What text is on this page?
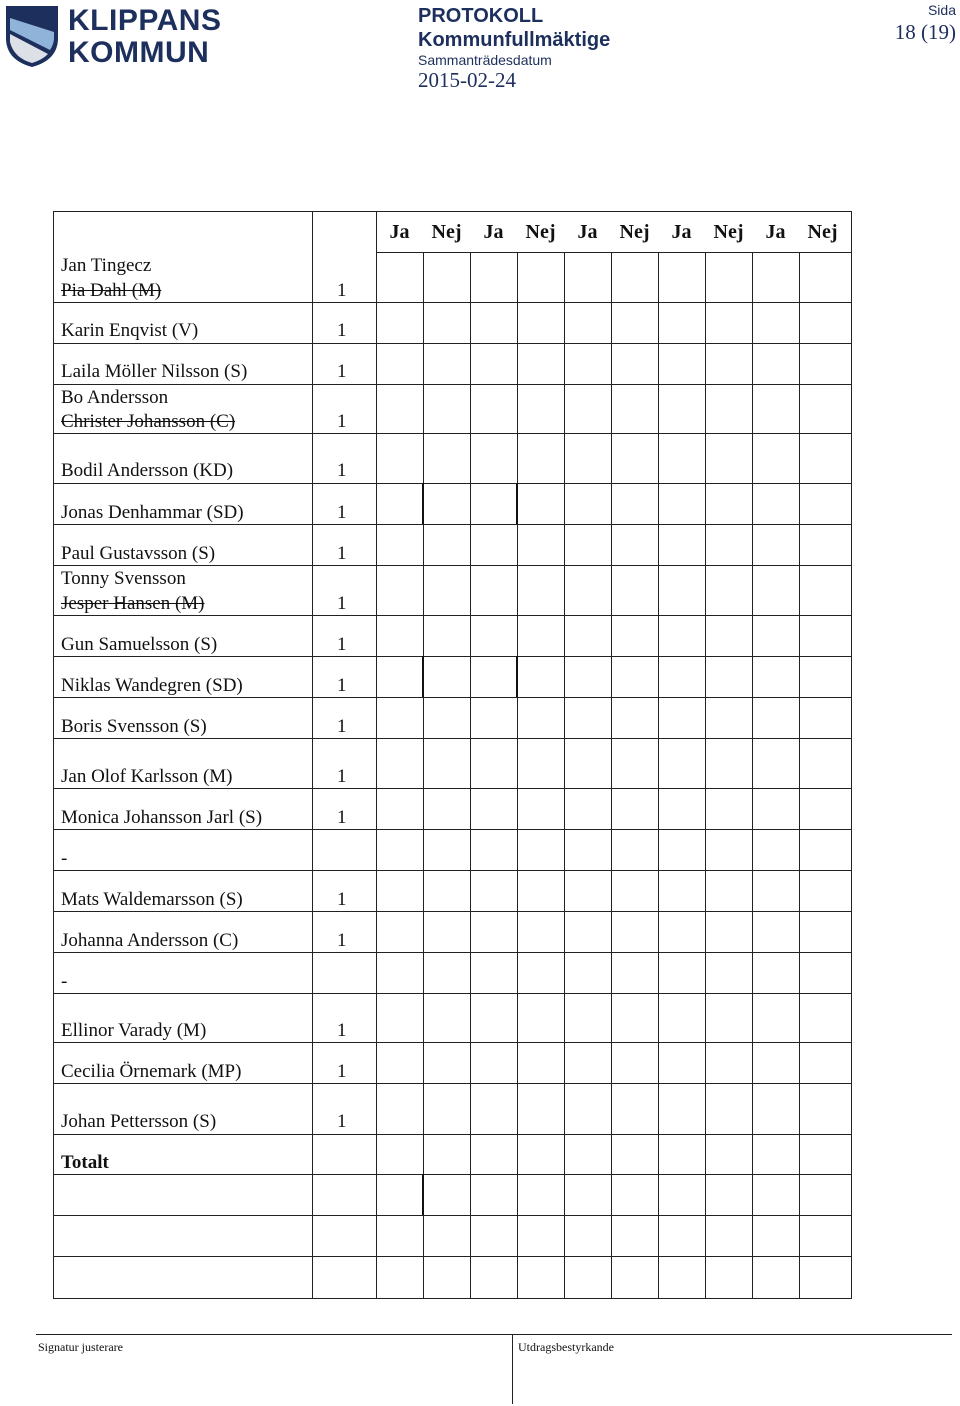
KLIPPANS
KOMMUN
PROTOKOLL
Kommunfullmäktige
Sammanträdesdatum
2015-02-24
Sida
18 (19)
Ja	Nej	Ja	Nej	Ja	Nej	Ja	Nej	Ja	Nej
Jan Tingecz
Pia Dahl (M)	1
Karin Enqvist (V)	1
Laila Möller Nilsson (S)	1
Bo Andersson
Christer Johansson (C)	1
Bodil Andersson (KD)	1
Jonas Denhammar (SD)	1
Paul Gustavsson (S)	1
Tonny Svensson
Jesper Hansen (M)	1
Gun Samuelsson (S)	1
Niklas Wandegren (SD)	1
Boris Svensson (S)	1
Jan Olof Karlsson (M)	1
Monica Johansson Jarl (S)	1
-
Mats Waldemarsson (S)	1
Johanna Andersson (C)	1
-
Ellinor Varady (M)	1
Cecilia Örnemark (MP)	1
Johan Pettersson (S)	1
Totalt
Signatur justerare	Utdragsbestyrkande
